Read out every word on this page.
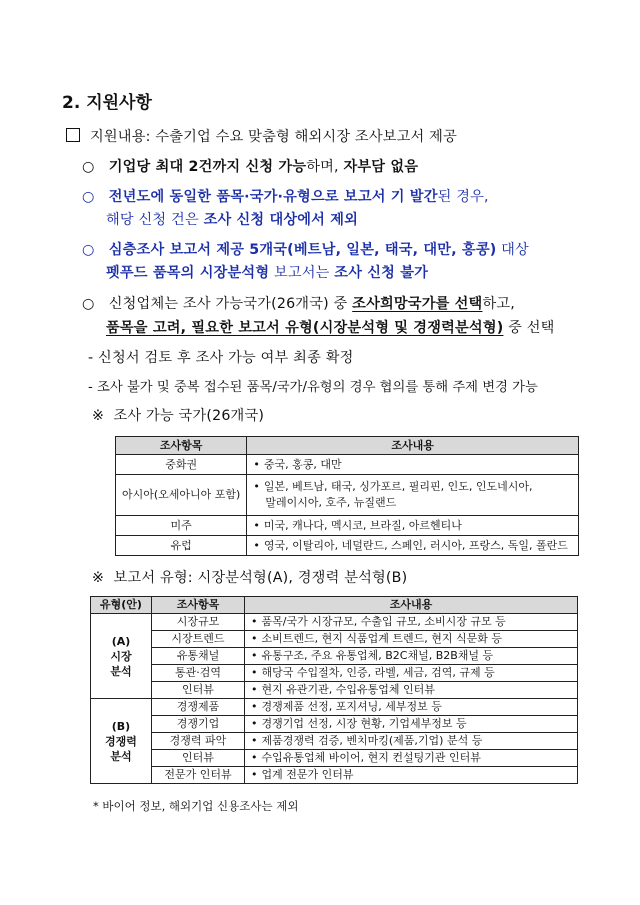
2. 지원사항
지원내용: 수출기업 수요 맞춤형 해외시장 조사보고서 제공
○ 기업당 최대 2건까지 신청 가능하며, 자부담 없음
○ 전년도에 동일한 품목·국가·유형으로 보고서 기 발간된 경우,
해당 신청 건은 조사 신청 대상에서 제외
○ 심층조사 보고서 제공 5개국(베트남, 일본, 태국, 대만, 홍콩) 대상
펫푸드 품목의 시장분석형 보고서는 조사 신청 불가
○ 신청업체는 조사 가능국가(26개국) 중 조사희망국가를 선택하고,
품목을 고려, 필요한 보고서 유형(시장분석형 및 경쟁력분석형) 중 선택
- 신청서 검토 후 조사 가능 여부 최종 확정
- 조사 불가 및 중복 접수된 품목/국가/유형의 경우 협의를 통해 주제 변경 가능
※ 조사 가능 국가(26개국)
조사항목	조사내용
중화권	• 중국, 홍콩, 대만
아시아(오세아니아 포함)	• 일본, 베트남, 태국, 싱가포르, 필리핀, 인도, 인도네시아,
말레이시아, 호주, 뉴질랜드
미주	• 미국, 캐나다, 멕시코, 브라질, 아르헨티나
유럽	• 영국, 이탈리아, 네덜란드, 스페인, 러시아, 프랑스, 독일, 폴란드
※ 보고서 유형: 시장분석형(A), 경쟁력 분석형(B)
유형(안)	조사항목	조사내용
(A)
시장
분석	시장규모	• 품목/국가 시장규모, 수출입 규모, 소비시장 규모 등
	시장트렌드	• 소비트렌드, 현지 식품업계 트렌드, 현지 식문화 등
	유통채널	• 유통구조, 주요 유통업체, B2C채널, B2B채널 등
	통관·검역	• 해당국 수입절차, 인증, 라벨, 세금, 검역, 규제 등
	인터뷰	• 현지 유관기관, 수입유통업체 인터뷰
(B)
경쟁력
분석	경쟁제품	• 경쟁제품 선정, 포지셔닝, 세부정보 등
	경쟁기업	• 경쟁기업 선정, 시장 현황, 기업세부정보 등
	경쟁력 파악	• 제품경쟁력 검증, 벤치마킹(제품,기업) 분석 등
	인터뷰	• 수입유통업체 바이어, 현지 컨설팅기관 인터뷰
	전문가 인터뷰	• 업계 전문가 인터뷰
* 바이어 정보, 해외기업 신용조사는 제외
